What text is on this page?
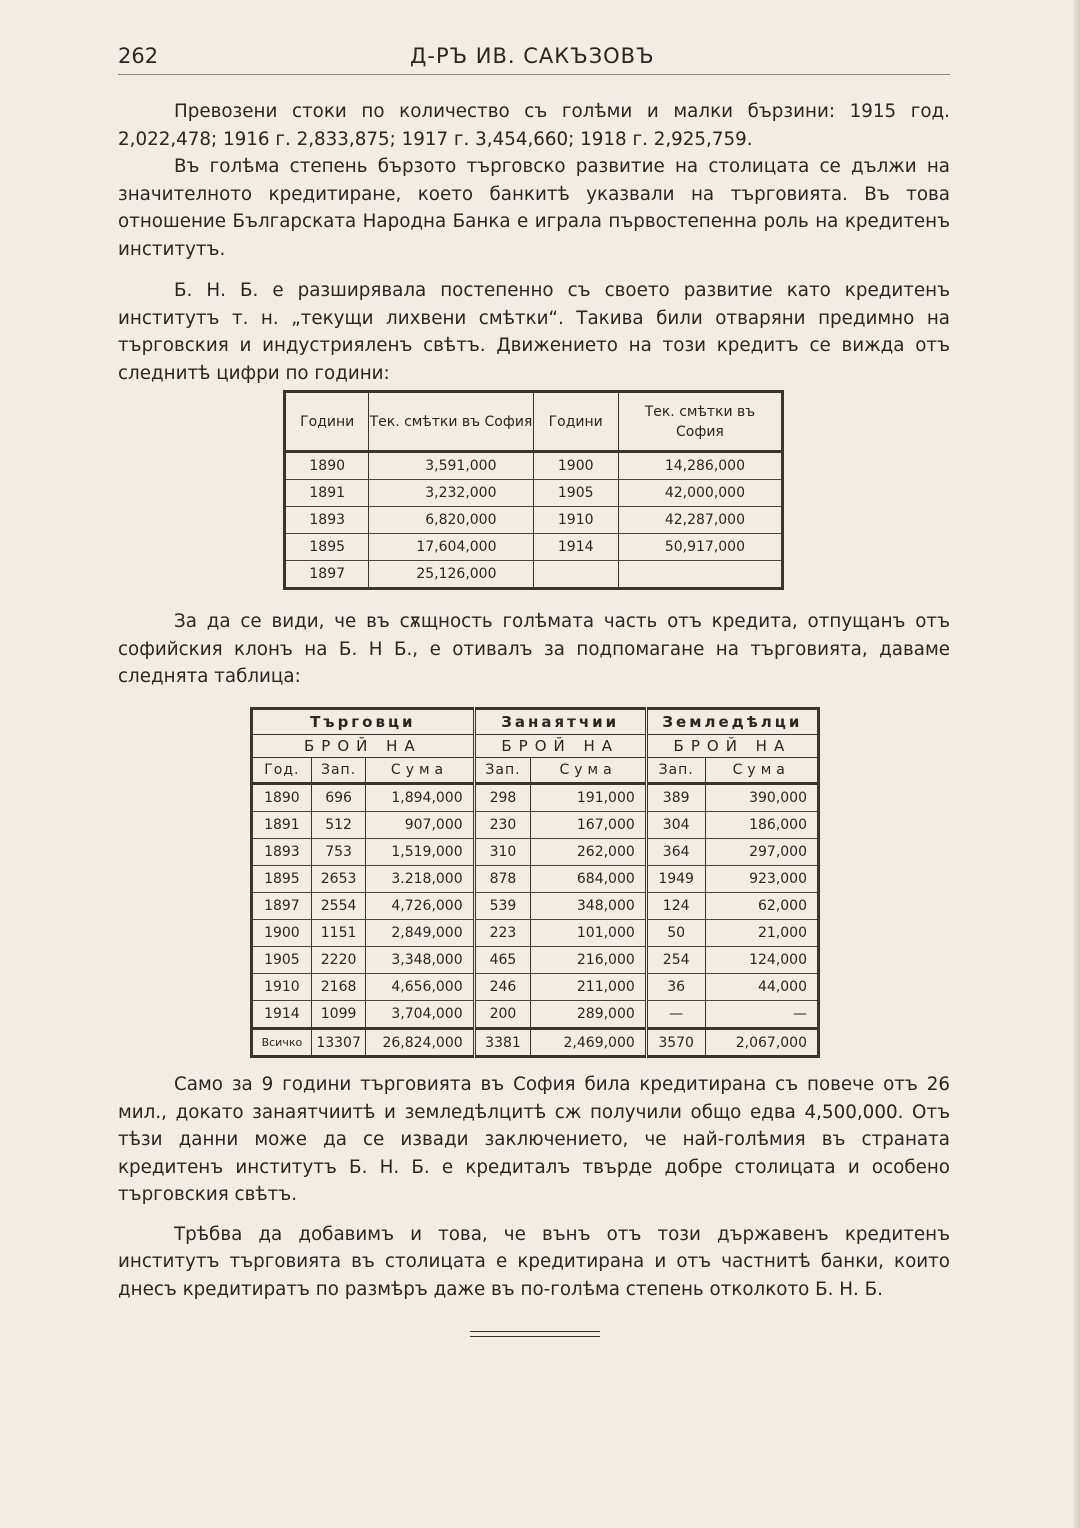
262	Д-РЪ ИВ. САКЪЗОВЪ

Превозени стоки по количество съ голѣми и малки бързини: 1915 год. 2,022,478; 1916 г. 2,833,875; 1917 г. 3,454,660; 1918 г. 2,925,759.

Въ голѣма степень бързото търговско развитие на столицата се дължи на значителното кредитиране, което банкитѣ указвали на търговията. Въ това отношение Българската Народна Банка е играла първостепенна роль на кредитенъ институтъ.

Б. Н. Б. е разширявала постепенно съ своето развитие като кредитенъ институтъ т. н. „текущи лихвени смѣтки“. Такива били отваряни предимно на търговския и индустрияленъ свѣтъ. Движението на този кредитъ се вижда отъ следнитѣ цифри по години:

Години	Тек. смѣтки въ София	Години	Тек. смѣтки въ София
1890	3,591,000	1900	14,286,000
1891	3,232,000	1905	42,000,000
1893	6,820,000	1910	42,287,000
1895	17,604,000	1914	50,917,000
1897	25,126,000		

За да се види, че въ сѫщность голѣмата часть отъ кредита, отпущанъ отъ софийския клонъ на Б. Н Б., е отивалъ за подпомагане на търговията, даваме следнята таблица:

Търговци			Занаятчии		Земледѣлци	
БРОЙ НА			БРОЙ НА		БРОЙ НА	
Год.	Зап.	Сума	Зап.	Сума	Зап.	Сума
1890	696	1,894,000	298	191,000	389	390,000
1891	512	907,000	230	167,000	304	186,000
1893	753	1,519,000	310	262,000	364	297,000
1895	2653	3.218,000	878	684,000	1949	923,000
1897	2554	4,726,000	539	348,000	124	62,000
1900	1151	2,849,000	223	101,000	50	21,000
1905	2220	3,348,000	465	216,000	254	124,000
1910	2168	4,656,000	246	211,000	36	44,000
1914	1099	3,704,000	200	289,000	—	—
Всичко	13307	26,824,000	3381	2,469,000	3570	2,067,000

Само за 9 години търговията въ София била кредитирана съ повече отъ 26 мил., докато занаятчиитѣ и земледѣлцитѣ сж получили общо едва 4,500,000. Отъ тѣзи данни може да се извади заключението, че най-голѣмия въ страната кредитенъ институтъ Б. Н. Б. е кредиталъ твърде добре столицата и особено търговския свѣтъ.

Трѣбва да добавимъ и това, че вънъ отъ този държавенъ кредитенъ институтъ търговията въ столицата е кредитирана и отъ частнитѣ банки, които днесъ кредитиратъ по размѣръ даже въ по-голѣма степень отколкото Б. Н. Б.
